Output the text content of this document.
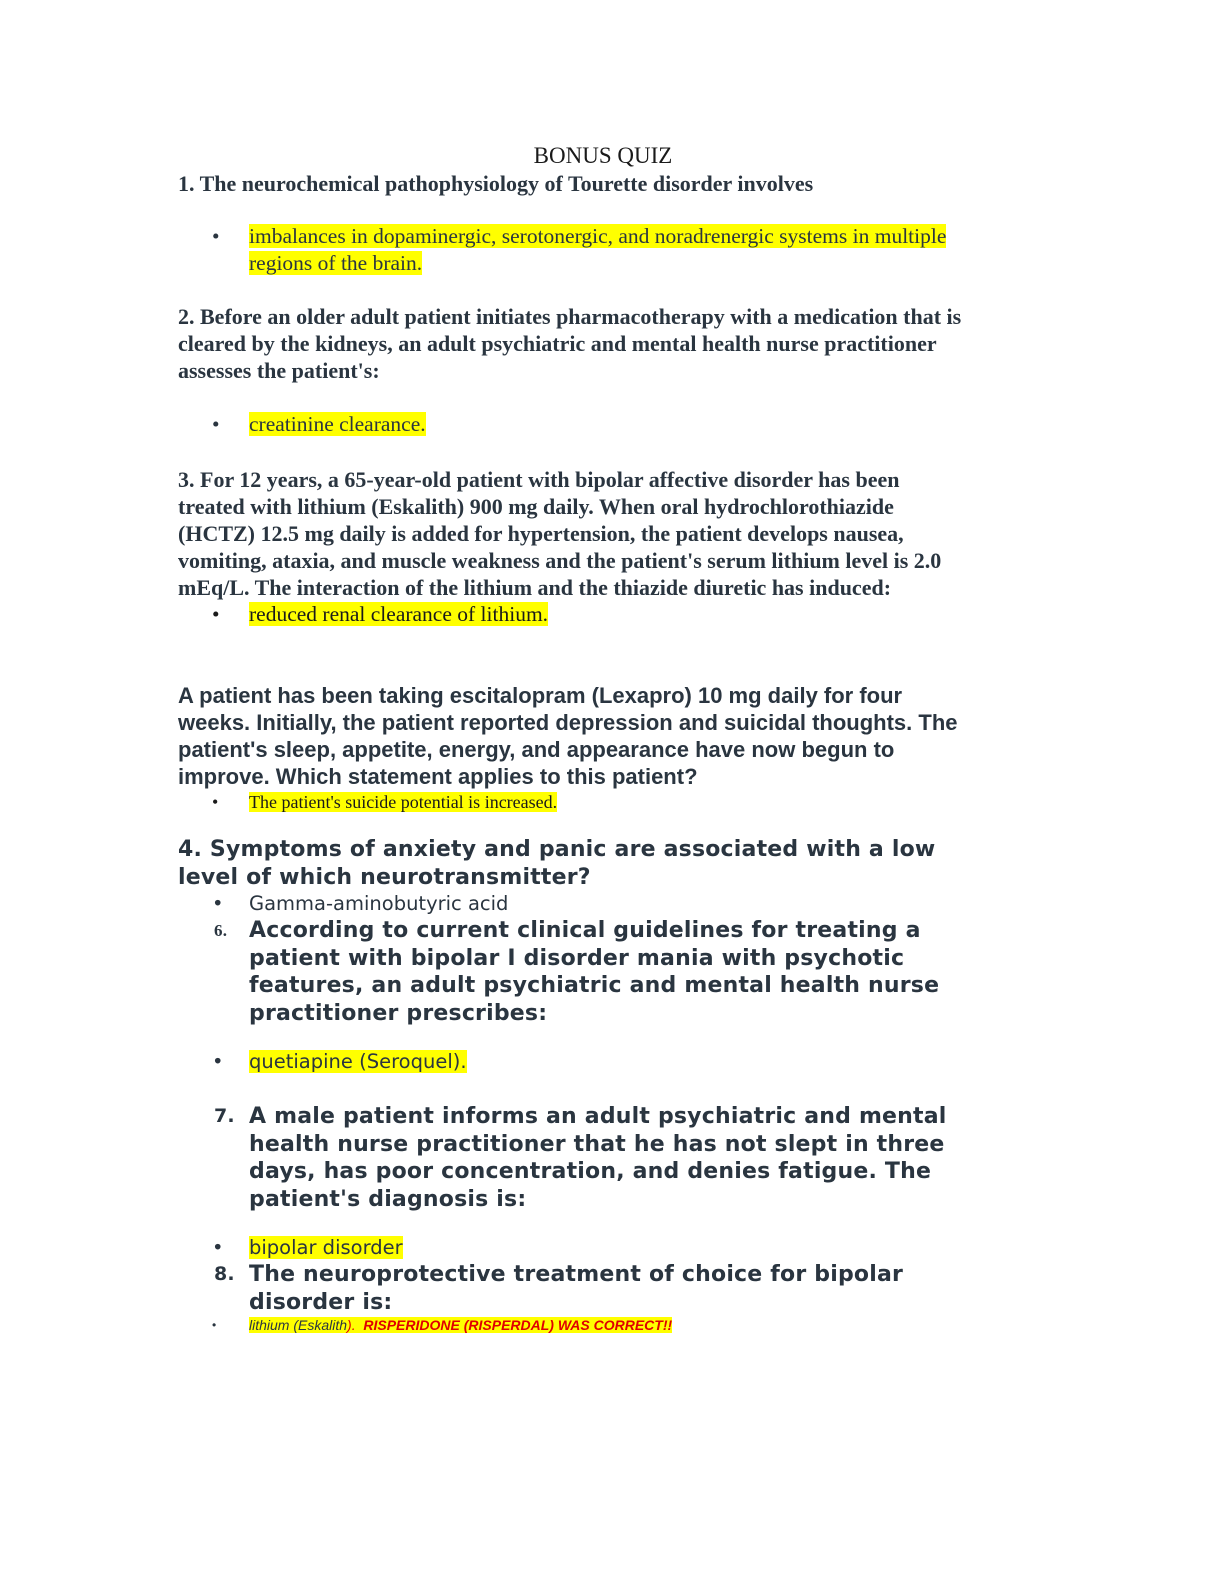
BONUS QUIZ

1. The neurochemical pathophysiology of Tourette disorder involves

• imbalances in dopaminergic, serotonergic, and noradrenergic systems in multiple
regions of the brain.
2. Before an older adult patient initiates pharmacotherapy with a medication that is
cleared by the kidneys, an adult psychiatric and mental health nurse practitioner
assesses the patient's:
• creatinine clearance.
3. For 12 years, a 65-year-old patient with bipolar affective disorder has been
treated with lithium (Eskalith) 900 mg daily. When oral hydrochlorothiazide
(HCTZ) 12.5 mg daily is added for hypertension, the patient develops nausea,
vomiting, ataxia, and muscle weakness and the patient's serum lithium level is 2.0
mEq/L. The interaction of the lithium and the thiazide diuretic has induced:
• reduced renal clearance of lithium.
A patient has been taking escitalopram (Lexapro) 10 mg daily for four
weeks. Initially, the patient reported depression and suicidal thoughts. The
patient's sleep, appetite, energy, and appearance have now begun to
improve. Which statement applies to this patient?
• The patient's suicide potential is increased.
4. Symptoms of anxiety and panic are associated with a low
level of which neurotransmitter?
• Gamma-aminobutyric acid
6. According to current clinical guidelines for treating a
patient with bipolar I disorder mania with psychotic
features, an adult psychiatric and mental health nurse
practitioner prescribes:
• quetiapine (Seroquel).
7. A male patient informs an adult psychiatric and mental
health nurse practitioner that he has not slept in three
days, has poor concentration, and denies fatigue. The
patient's diagnosis is:
• bipolar disorder
8. The neuroprotective treatment of choice for bipolar
disorder is:
• lithium (Eskalith). RISPERIDONE (RISPERDAL) WAS CORRECT!!
